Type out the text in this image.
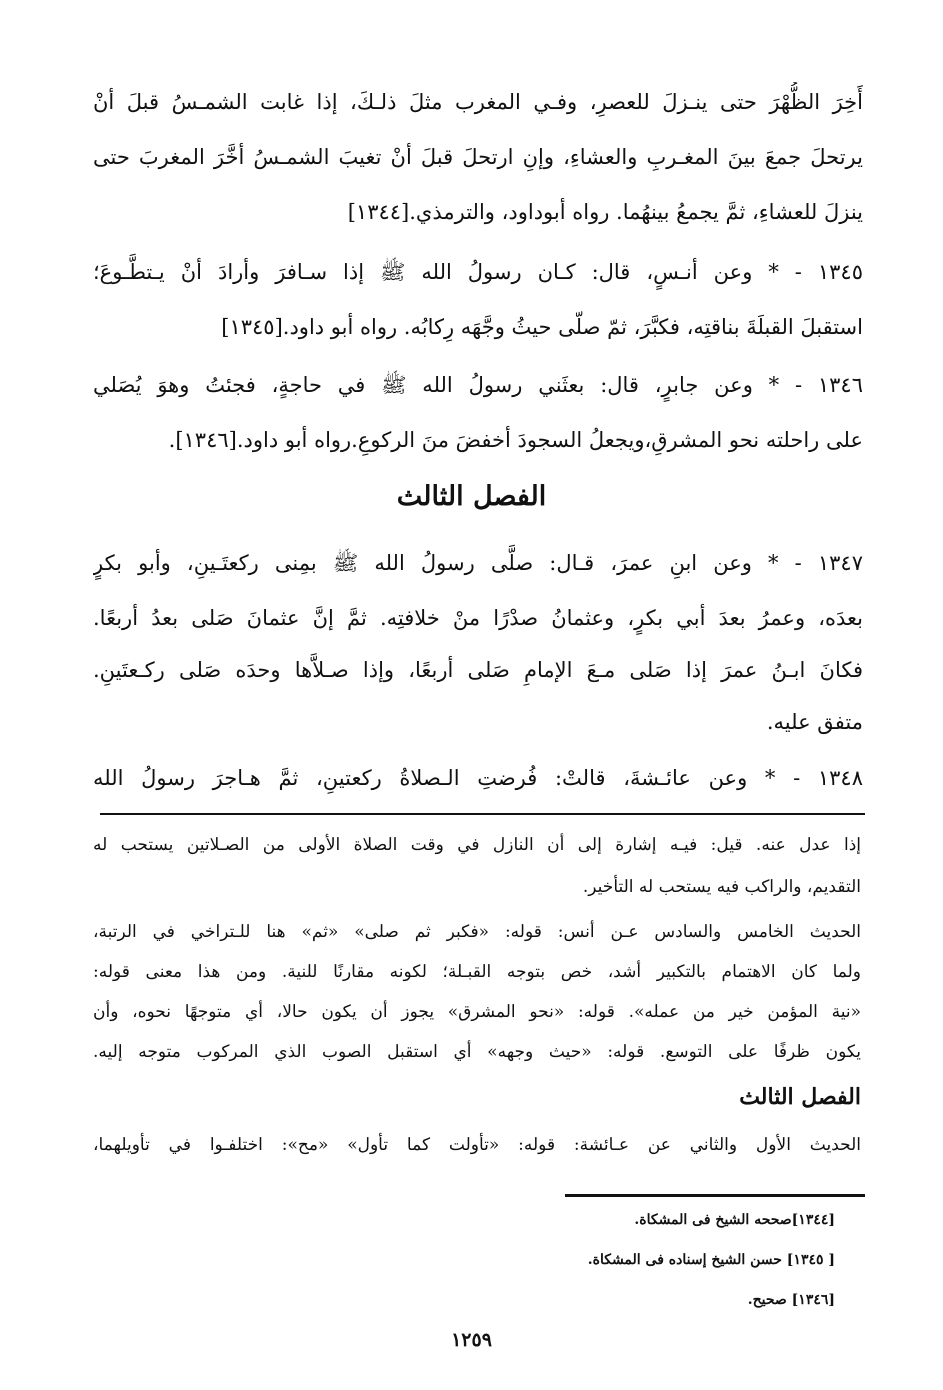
أَخِرَ الظُّهْرَ حتى ينـزلَ للعصرِ، وفـي المغرب مثلَ ذلـكَ، إذا غابت الشمـسُ قبلَ أنْ
يرتحلَ جمعَ بينَ المغـربِ والعشاءِ، وإنِ ارتحلَ قبلَ أنْ تغيبَ الشمـسُ أخَّرَ المغربَ حتى
ينزلَ للعشاءِ، ثمَّ يجمعُ بينهُما. رواه أبوداود، والترمذي.[١٣٤٤]
١٣٤٥ - * وعن أنـسٍ، قال: كـان رسولُ الله ﷺ إذا سـافرَ وأرادَ أنْ يـتطَّـوعَ؛
استقبلَ القبلَةَ بناقتِه، فكبَّرَ، ثمّ صلّى حيثُ وجَّهَه رِكابُه. رواه أبو داود.[١٣٤٥]
١٣٤٦ - * وعن جابرٍ، قال: بعثَني رسولُ الله ﷺ في حاجةٍ، فجئتُ وهوَ يُصَلي
على راحلته نحو المشرقِ،ويجعلُ السجودَ أخفضَ منَ الركوعِ.رواه أبو داود.[١٣٤٦].
الفصل الثالث
١٣٤٧ - * وعن ابنِ عمرَ، قـال: صلَّى رسولُ الله ﷺ بمِنى ركعتَـينِ، وأبو بكرٍ
بعدَه، وعمرُ بعدَ أبي بكرٍ، وعثمانُ صدْرًا منْ خلافتِه. ثمَّ إنَّ عثمانَ صَلى بعدُ أربعًا.
فكانَ ابـنُ عمرَ إذا صَلى مـعَ الإمامِ صَلى أربعًا، وإذا صـلاَّها وحدَه صَلى ركـعتَينِ.
متفق عليه.
١٣٤٨ - * وعن عائـشةَ، قالتْ: فُرضتِ الـصلاةُ ركعتينِ، ثمَّ هـاجرَ رسولُ الله
إذا عدل عنه. قيل: فيـه إشارة إلى أن النازل في وقت الصلاة الأولى من الصـلاتين يستحب له
التقديم، والراكب فيه يستحب له التأخير.
الحديث الخامس والسادس عـن أنس: قوله: «فكبر ثم صلى» «ثم» هنا للـتراخي في الرتبة،
ولما كان الاهتمام بالتكبير أشد، خص بتوجه القبـلة؛ لكونه مقارنًا للنية. ومن هذا معنى قوله:
«نية المؤمن خير من عمله». قوله: «نحو المشرق» يجوز أن يكون حالا، أي متوجهًا نحوه، وأن
يكون ظرفًا على التوسع. قوله: «حيث وجهه» أي استقبل الصوب الذي المركوب متوجه إليه.
الفصل الثالث
الحديث الأول والثاني عن عـائشة: قوله: «تأولت كما تأول» «مح»: اختلفـوا في تأويلهما،
[١٣٤٤]صححه الشيخ فى المشكاة.
[ ١٣٤٥] حسن الشيخ إسناده فى المشكاة.
[١٣٤٦] صحيح.
١٢٥٩
